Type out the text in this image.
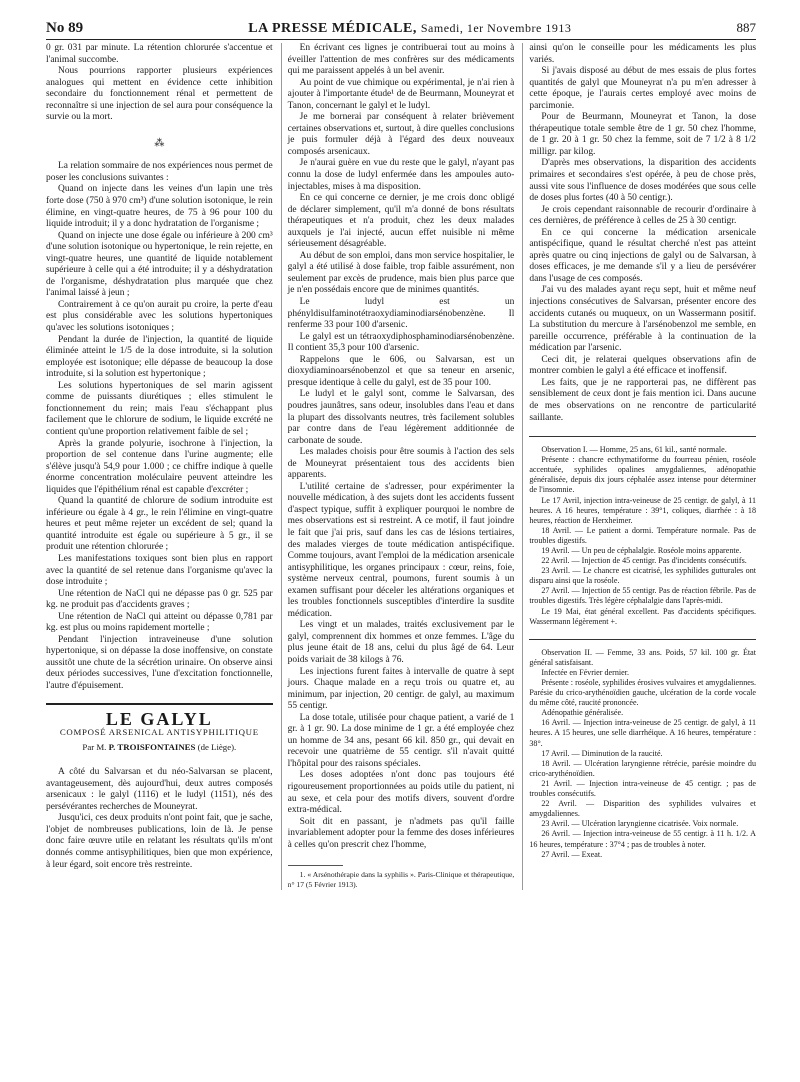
No 89	LA PRESSE MÉDICALE, Samedi, 1er Novembre 1913	887

0 gr. 031 par minute. La rétention chlorurée s'accentue et l'animal succombe.

Nous pourrions rapporter plusieurs expériences analogues qui mettent en évidence cette inhibition secondaire du fonctionnement rénal et permettent de reconnaître si une injection de sel aura pour conséquence la survie ou la mort.

⁂

La relation sommaire de nos expériences nous permet de poser les conclusions suivantes :

Quand on injecte dans les veines d'un lapin une très forte dose (750 à 970 cm³) d'une solution isotonique, le rein élimine, en vingt-quatre heures, de 75 à 96 pour 100 du liquide introduit; il y a donc hydratation de l'organisme ;

Quand on injecte une dose égale ou inférieure à 200 cm³ d'une solution isotonique ou hypertonique, le rein rejette, en vingt-quatre heures, une quantité de liquide notablement supérieure à celle qui a été introduite; il y a déshydratation de l'organisme, déshydratation plus marquée que chez l'animal laissé à jeun ;

Contrairement à ce qu'on aurait pu croire, la perte d'eau est plus considérable avec les solutions hypertoniques qu'avec les solutions isotoniques ;

Pendant la durée de l'injection, la quantité de liquide éliminée atteint le 1/5 de la dose introduite, si la solution employée est isotonique; elle dépasse de beaucoup la dose introduite, si la solution est hypertonique ;

Les solutions hypertoniques de sel marin agissent comme de puissants diurétiques ; elles stimulent le fonctionnement du rein; mais l'eau s'échappant plus facilement que le chlorure de sodium, le liquide excrété ne contient qu'une proportion relativement faible de sel ;

Après la grande polyurie, isochrone à l'injection, la proportion de sel contenue dans l'urine augmente; elle s'élève jusqu'à 54,9 pour 1.000 ; ce chiffre indique à quelle énorme concentration moléculaire peuvent atteindre les liquides que l'épithélium rénal est capable d'excréter ;

Quand la quantité de chlorure de sodium introduite est inférieure ou égale à 4 gr., le rein l'élimine en vingt-quatre heures et peut même rejeter un excédent de sel; quand la quantité introduite est égale ou supérieure à 5 gr., il se produit une rétention chlorurée ;

Les manifestations toxiques sont bien plus en rapport avec la quantité de sel retenue dans l'organisme qu'avec la dose introduite ;

Une rétention de NaCl qui ne dépasse pas 0 gr. 525 par kg. ne produit pas d'accidents graves ;

Une rétention de NaCl qui atteint ou dépasse 0,781 par kg. est plus ou moins rapidement mortelle ;

Pendant l'injection intraveineuse d'une solution hypertonique, si on dépasse la dose inoffensive, on constate aussitôt une chute de la sécrétion urinaire. On observe ainsi deux périodes successives, l'une d'excitation fonctionnelle, l'autre d'épuisement.

LE GALYL
COMPOSÉ ARSENICAL ANTISYPHILITIQUE
Par M. P. TROISFONTAINES (de Liège).

A côté du Salvarsan et du néo-Salvarsan se placent, avantageusement, dès aujourd'hui, deux autres composés arsenicaux : le galyl (1116) et le ludyl (1151), nés des persévérantes recherches de Mouneyrat.

Jusqu'ici, ces deux produits n'ont point fait, que je sache, l'objet de nombreuses publications, loin de là. Je pense donc faire œuvre utile en relatant les résultats qu'ils m'ont donnés comme antisyphilitiques, bien que mon expérience, à leur égard, soit encore très restreinte.

En écrivant ces lignes je contribuerai tout au moins à éveiller l'attention de mes confrères sur des médicaments qui me paraissent appelés à un bel avenir.

Au point de vue chimique ou expérimental, je n'ai rien à ajouter à l'importante étude¹ de de Beurmann, Mouneyrat et Tanon, concernant le galyl et le ludyl.

Je me bornerai par conséquent à relater brièvement certaines observations et, surtout, à dire quelles conclusions je puis formuler déjà à l'égard des deux nouveaux composés arsenicaux.

Je n'aurai guère en vue du reste que le galyl, n'ayant pas connu la dose de ludyl enfermée dans les ampoules auto-injectables, mises à ma disposition.

En ce qui concerne ce dernier, je me crois donc obligé de déclarer simplement, qu'il m'a donné de bons résultats thérapeutiques et n'a produit, chez les deux malades auxquels je l'ai injecté, aucun effet nuisible ni même sérieusement désagréable.

Au début de son emploi, dans mon service hospitalier, le galyl a été utilisé à dose faible, trop faible assurément, non seulement par excès de prudence, mais bien plus parce que je n'en possédais encore que de minimes quantités.

Le ludyl est un phényldisulfaminotétraoxydiaminodiarsénobenzène. Il renferme 33 pour 100 d'arsenic.

Le galyl est un tétraoxydiphosphaminodiarsénobenzène. Il contient 35,3 pour 100 d'arsenic.

Rappelons que le 606, ou Salvarsan, est un dioxydiaminoarsénobenzol et que sa teneur en arsenic, presque identique à celle du galyl, est de 35 pour 100.

Le ludyl et le galyl sont, comme le Salvarsan, des poudres jaunâtres, sans odeur, insolubles dans l'eau et dans la plupart des dissolvants neutres, très facilement solubles par contre dans de l'eau légèrement additionnée de carbonate de soude.

Les malades choisis pour être soumis à l'action des sels de Mouneyrat présentaient tous des accidents bien apparents.

L'utilité certaine de s'adresser, pour expérimenter la nouvelle médication, à des sujets dont les accidents fussent d'aspect typique, suffit à expliquer pourquoi le nombre de mes observations est si restreint. A ce motif, il faut joindre le fait que j'ai pris, sauf dans les cas de lésions tertiaires, des malades vierges de toute médication antispécifique. Comme toujours, avant l'emploi de la médication arsenicale antisyphilitique, les organes principaux : cœur, reins, foie, système nerveux central, poumons, furent soumis à un examen suffisant pour déceler les altérations organiques et les troubles fonctionnels susceptibles d'interdire la susdite médication.

Les vingt et un malades, traités exclusivement par le galyl, comprennent dix hommes et onze femmes. L'âge du plus jeune était de 18 ans, celui du plus âgé de 64. Leur poids variait de 38 kilogs à 76.

Les injections furent faites à intervalle de quatre à sept jours. Chaque malade en a reçu trois ou quatre et, au minimum, par injection, 20 centigr. de galyl, au maximum 55 centigr.

La dose totale, utilisée pour chaque patient, a varié de 1 gr. à 1 gr. 90. La dose minime de 1 gr. a été employée chez un homme de 34 ans, pesant 66 kil. 850 gr., qui devait en recevoir une quatrième de 55 centigr. s'il n'avait quitté l'hôpital pour des raisons spéciales.

Les doses adoptées n'ont donc pas toujours été rigoureusement proportionnées au poids utile du patient, ni au sexe, et cela pour des motifs divers, souvent d'ordre extra-médical.

Soit dit en passant, je n'admets pas qu'il faille invariablement adopter pour la femme des doses inférieures à celles qu'on prescrit chez l'homme,

1. « Arsénothérapie dans la syphilis ». Paris-Clinique et thérapeutique, n° 17 (5 Février 1913).

ainsi qu'on le conseille pour les médicaments les plus variés.

Si j'avais disposé au début de mes essais de plus fortes quantités de galyl que Mouneyrat n'a pu m'en adresser à cette époque, je l'aurais certes employé avec moins de parcimonie.

Pour de Beurmann, Mouneyrat et Tanon, la dose thérapeutique totale semble être de 1 gr. 50 chez l'homme, de 1 gr. 20 à 1 gr. 50 chez la femme, soit de 7 1/2 à 8 1/2 milligr. par kilog.

D'après mes observations, la disparition des accidents primaires et secondaires s'est opérée, à peu de chose près, aussi vite sous l'influence de doses modérées que sous celle de doses plus fortes (40 à 50 centigr.).

Je crois cependant raisonnable de recourir d'ordinaire à ces dernières, de préférence à celles de 25 à 30 centigr.

En ce qui concerne la médication arsenicale antispécifique, quand le résultat cherché n'est pas atteint après quatre ou cinq injections de galyl ou de Salvarsan, à doses efficaces, je me demande s'il y a lieu de persévérer dans l'usage de ces composés.

J'ai vu des malades ayant reçu sept, huit et même neuf injections consécutives de Salvarsan, présenter encore des accidents cutanés ou muqueux, on un Wassermann positif. La substitution du mercure à l'arsénobenzol me semble, en pareille occurrence, préférable à la continuation de la médication par l'arsenic.

Ceci dit, je relaterai quelques observations afin de montrer combien le galyl a été efficace et inoffensif.

Les faits, que je ne rapporterai pas, ne diffèrent pas sensiblement de ceux dont je fais mention ici. Dans aucune de mes observations on ne rencontre de particularité saillante.

Observation I. — Homme, 25 ans, 61 kil., santé normale.

Présente : chancre ecthymatiforme du fourreau pénien, roséole accentuée, syphilides opalines amygdaliennes, adénopathie généralisée, depuis dix jours céphalée assez intense pour déterminer de l'insomnie.

Le 17 Avril, injection intra-veineuse de 25 centigr. de galyl, à 11 heures. A 16 heures, température : 39°1, coliques, diarrhée : à 18 heures, réaction de Herxheimer.

18 Avril. — Le patient a dormi. Température normale. Pas de troubles digestifs.

19 Avril. — Un peu de céphalalgie. Roséole moins apparente.

22 Avril. — Injection de 45 centigr. Pas d'incidents consécutifs.

23 Avril. — Le chancre est cicatrisé, les syphilides gutturales ont disparu ainsi que la roséole.

27 Avril. — Injection de 55 centigr. Pas de réaction fébrile. Pas de troubles digestifs. Très légère céphalalgie dans l'après-midi.

Le 19 Mai, état général excellent. Pas d'accidents spécifiques. Wassermann légèrement +.

Observation II. — Femme, 33 ans. Poids, 57 kil. 100 gr. État général satisfaisant.

Infectée en Février dernier.

Présente : roséole, syphilides érosives vulvaires et amygdaliennes. Parésie du crico-arythénoïdien gauche, ulcération de la corde vocale du même côté, raucité prononcée.

Adénopathie généralisée.

16 Avril. — Injection intra-veineuse de 25 centigr. de galyl, à 11 heures. A 15 heures, une selle diarrhéique. A 16 heures, température : 38°.

17 Avril. — Diminution de la raucité.

18 Avril. — Ulcération laryngienne rétrécie, parésie moindre du crico-arythénoïdien.

21 Avril. — Injection intra-veineuse de 45 centigr. ; pas de troubles consécutifs.

22 Avril. — Disparition des syphilides vulvaires et amygdaliennes.

23 Avril. — Ulcération laryngienne cicatrisée. Voix normale.

26 Avril. — Injection intra-veineuse de 55 centigr. à 11 h. 1/2. A 16 heures, température : 37°4 ; pas de troubles à noter.

27 Avril. — Exeat.
